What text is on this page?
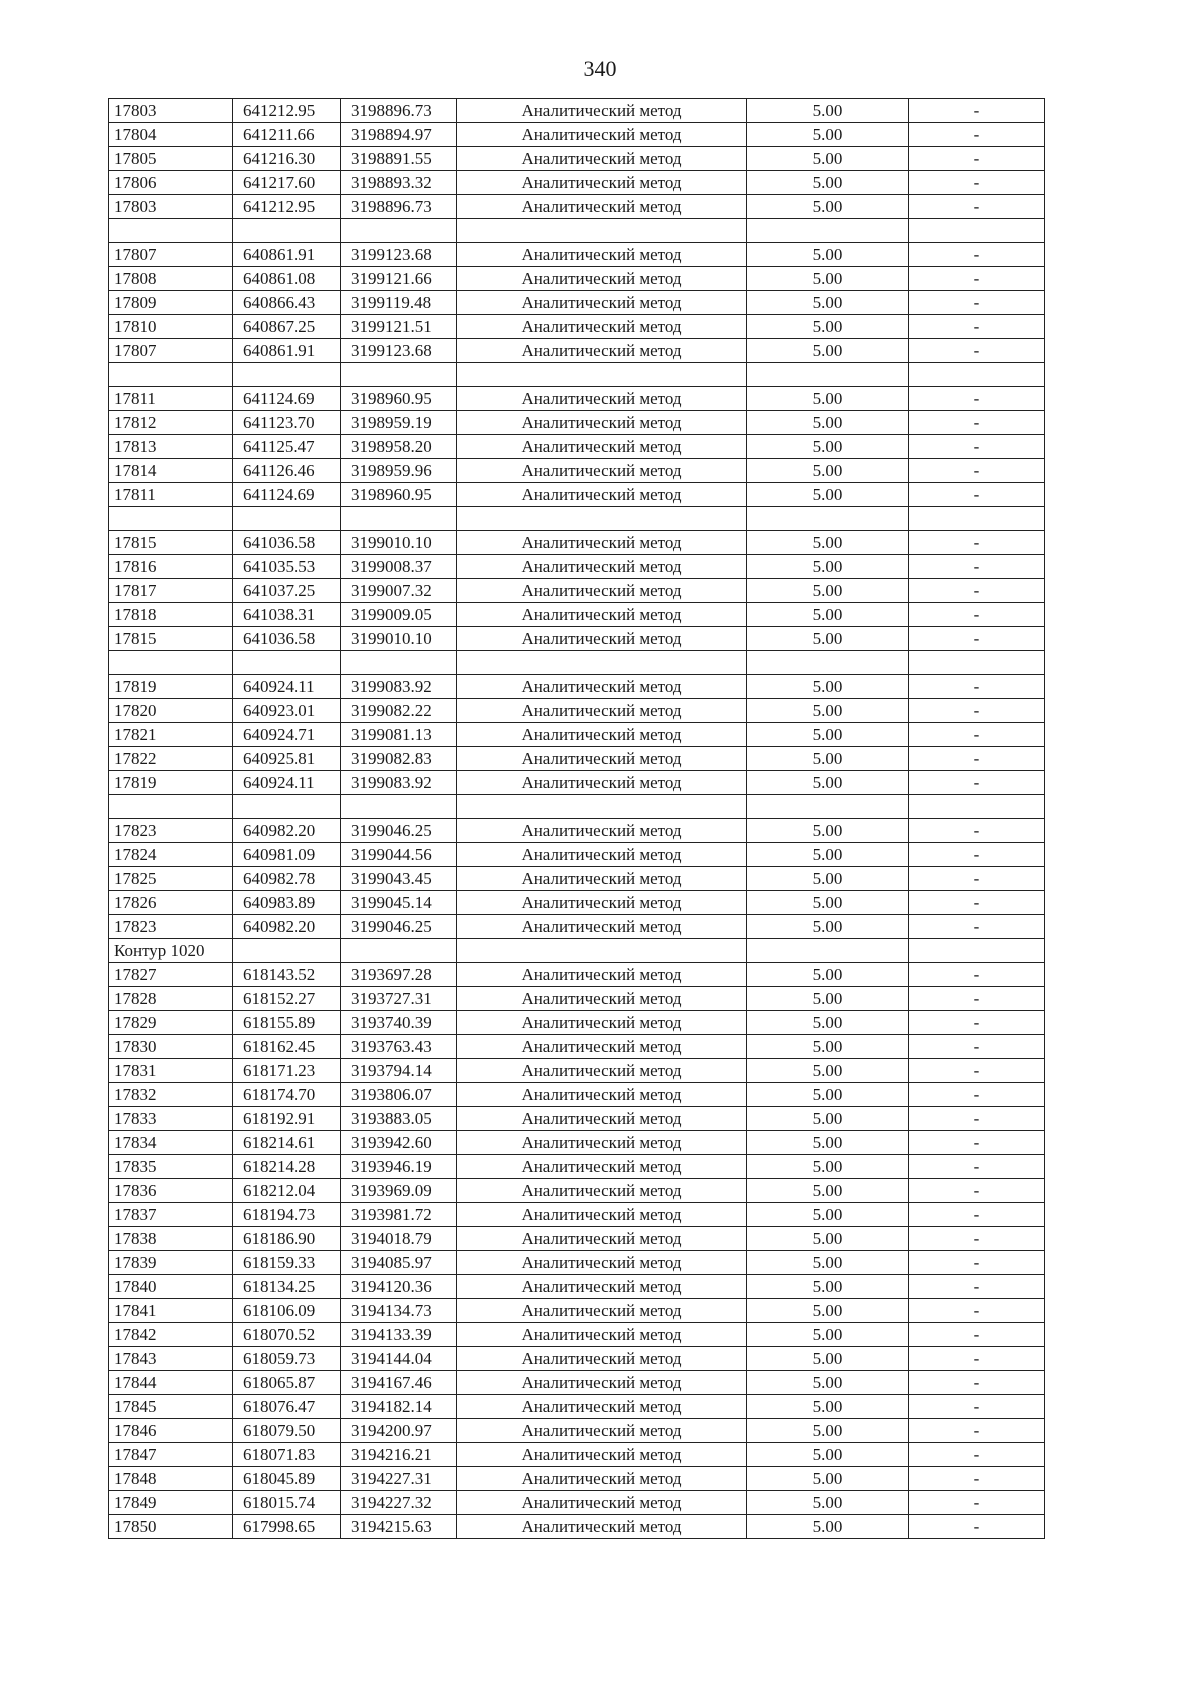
340
17803	641212.95	3198896.73	Аналитический метод	5.00	-
17804	641211.66	3198894.97	Аналитический метод	5.00	-
17805	641216.30	3198891.55	Аналитический метод	5.00	-
17806	641217.60	3198893.32	Аналитический метод	5.00	-
17803	641212.95	3198896.73	Аналитический метод	5.00	-

17807	640861.91	3199123.68	Аналитический метод	5.00	-
17808	640861.08	3199121.66	Аналитический метод	5.00	-
17809	640866.43	3199119.48	Аналитический метод	5.00	-
17810	640867.25	3199121.51	Аналитический метод	5.00	-
17807	640861.91	3199123.68	Аналитический метод	5.00	-

17811	641124.69	3198960.95	Аналитический метод	5.00	-
17812	641123.70	3198959.19	Аналитический метод	5.00	-
17813	641125.47	3198958.20	Аналитический метод	5.00	-
17814	641126.46	3198959.96	Аналитический метод	5.00	-
17811	641124.69	3198960.95	Аналитический метод	5.00	-

17815	641036.58	3199010.10	Аналитический метод	5.00	-
17816	641035.53	3199008.37	Аналитический метод	5.00	-
17817	641037.25	3199007.32	Аналитический метод	5.00	-
17818	641038.31	3199009.05	Аналитический метод	5.00	-
17815	641036.58	3199010.10	Аналитический метод	5.00	-

17819	640924.11	3199083.92	Аналитический метод	5.00	-
17820	640923.01	3199082.22	Аналитический метод	5.00	-
17821	640924.71	3199081.13	Аналитический метод	5.00	-
17822	640925.81	3199082.83	Аналитический метод	5.00	-
17819	640924.11	3199083.92	Аналитический метод	5.00	-

17823	640982.20	3199046.25	Аналитический метод	5.00	-
17824	640981.09	3199044.56	Аналитический метод	5.00	-
17825	640982.78	3199043.45	Аналитический метод	5.00	-
17826	640983.89	3199045.14	Аналитический метод	5.00	-
17823	640982.20	3199046.25	Аналитический метод	5.00	-
Контур 1020					
17827	618143.52	3193697.28	Аналитический метод	5.00	-
17828	618152.27	3193727.31	Аналитический метод	5.00	-
17829	618155.89	3193740.39	Аналитический метод	5.00	-
17830	618162.45	3193763.43	Аналитический метод	5.00	-
17831	618171.23	3193794.14	Аналитический метод	5.00	-
17832	618174.70	3193806.07	Аналитический метод	5.00	-
17833	618192.91	3193883.05	Аналитический метод	5.00	-
17834	618214.61	3193942.60	Аналитический метод	5.00	-
17835	618214.28	3193946.19	Аналитический метод	5.00	-
17836	618212.04	3193969.09	Аналитический метод	5.00	-
17837	618194.73	3193981.72	Аналитический метод	5.00	-
17838	618186.90	3194018.79	Аналитический метод	5.00	-
17839	618159.33	3194085.97	Аналитический метод	5.00	-
17840	618134.25	3194120.36	Аналитический метод	5.00	-
17841	618106.09	3194134.73	Аналитический метод	5.00	-
17842	618070.52	3194133.39	Аналитический метод	5.00	-
17843	618059.73	3194144.04	Аналитический метод	5.00	-
17844	618065.87	3194167.46	Аналитический метод	5.00	-
17845	618076.47	3194182.14	Аналитический метод	5.00	-
17846	618079.50	3194200.97	Аналитический метод	5.00	-
17847	618071.83	3194216.21	Аналитический метод	5.00	-
17848	618045.89	3194227.31	Аналитический метод	5.00	-
17849	618015.74	3194227.32	Аналитический метод	5.00	-
17850	617998.65	3194215.63	Аналитический метод	5.00	-
